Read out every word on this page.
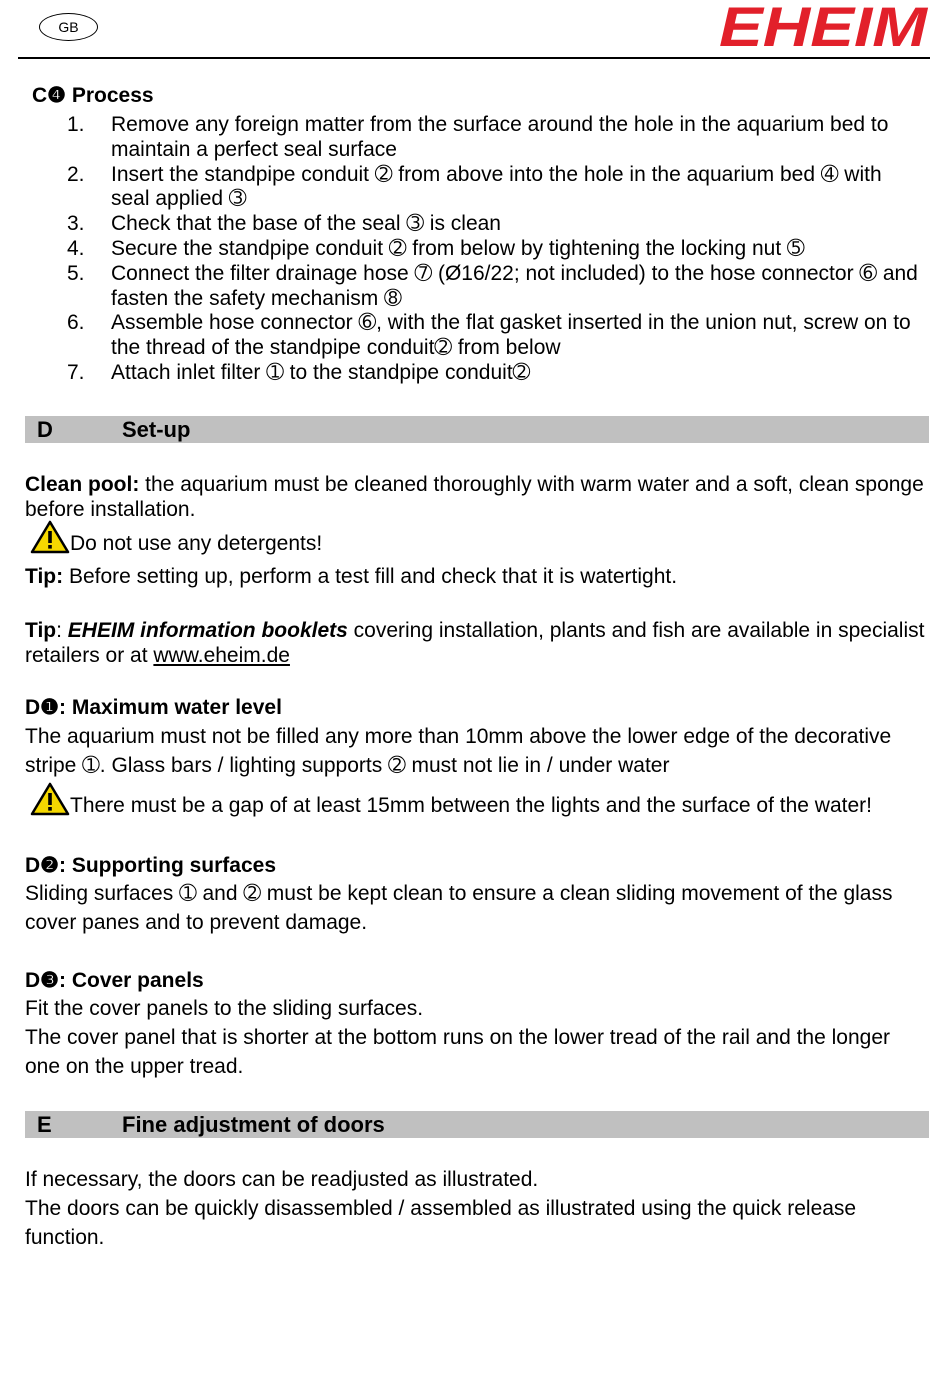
GB	EHEIM
C❹ Process
1. Remove any foreign matter from the surface around the hole in the aquarium bed to maintain a perfect seal surface
2. Insert the standpipe conduit ➁ from above into the hole in the aquarium bed ➃ with seal applied ➂
3. Check that the base of the seal ➂ is clean
4. Secure the standpipe conduit ➁ from below by tightening the locking nut ➄
5. Connect the filter drainage hose ➆ (Ø16/22; not included) to the hose connector ➅ and fasten the safety mechanism ➇
6. Assemble hose connector ➅, with the flat gasket inserted in the union nut, screw on to the thread of the standpipe conduit➁ from below
7. Attach inlet filter ➀ to the standpipe conduit➁
D	Set-up
Clean pool: the aquarium must be cleaned thoroughly with warm water and a soft, clean sponge before installation.
Do not use any detergents!
Tip: Before setting up, perform a test fill and check that it is watertight.
Tip: EHEIM information booklets covering installation, plants and fish are available in specialist retailers or at www.eheim.de
D❶: Maximum water level
The aquarium must not be filled any more than 10mm above the lower edge of the decorative stripe ➀. Glass bars / lighting supports ➁ must not lie in / under water
There must be a gap of at least 15mm between the lights and the surface of the water!
D❷: Supporting surfaces
Sliding surfaces ➀ and ➁ must be kept clean to ensure a clean sliding movement of the glass cover panes and to prevent damage.
D❸: Cover panels
Fit the cover panels to the sliding surfaces.
The cover panel that is shorter at the bottom runs on the lower tread of the rail and the longer one on the upper tread.
E	Fine adjustment of doors
If necessary, the doors can be readjusted as illustrated.
The doors can be quickly disassembled / assembled as illustrated using the quick release function.
